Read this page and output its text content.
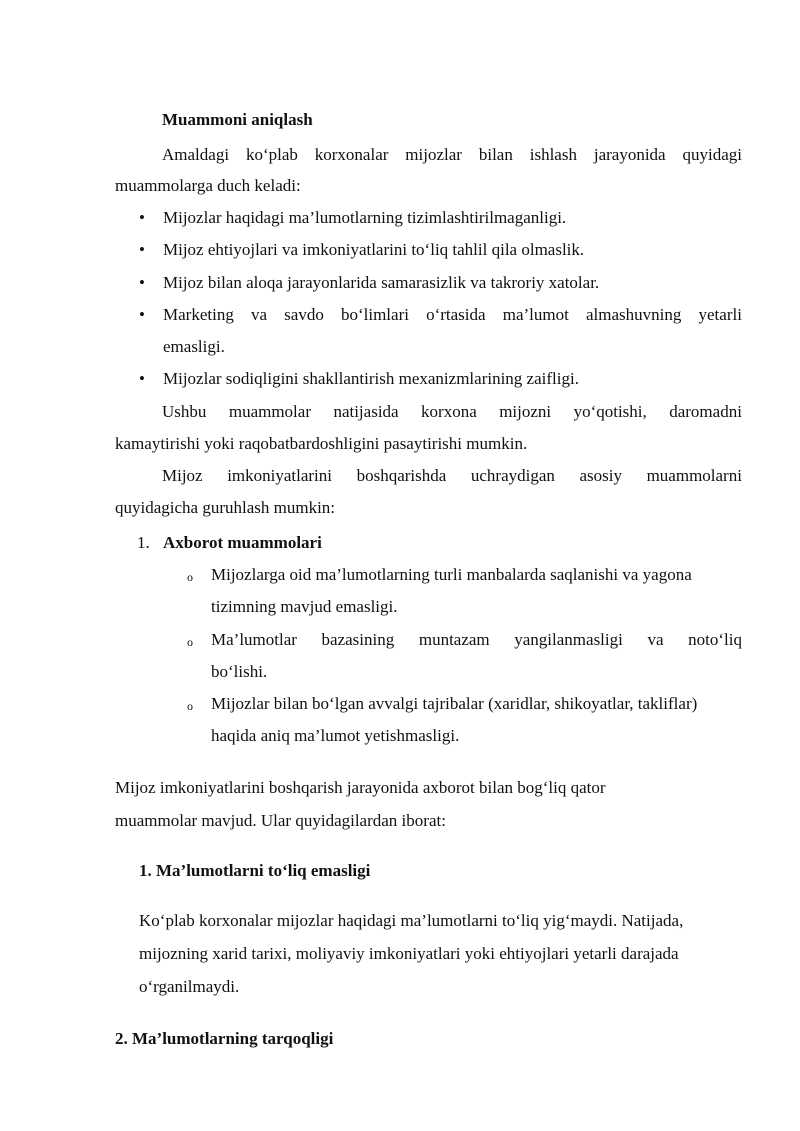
Muammoni aniqlash
Amaldagi ko‘plab korxonalar mijozlar bilan ishlash jarayonida quyidagi
muammolarga duch keladi:
• Mijozlar haqidagi ma’lumotlarning tizimlashtirilmaganligi.
• Mijoz ehtiyojlari va imkoniyatlarini to‘liq tahlil qila olmaslik.
• Mijoz bilan aloqa jarayonlarida samarasizlik va takroriy xatolar.
• Marketing va savdo bo‘limlari o‘rtasida ma’lumot almashuvning yetarli
emasligi.
• Mijozlar sodiqligini shakllantirish mexanizmlarining zaifligi.
Ushbu muammolar natijasida korxona mijozni yo‘qotishi, daromadni
kamaytirishi yoki raqobatbardoshligini pasaytirishi mumkin.
Mijoz imkoniyatlarini boshqarishda uchraydigan asosiy muammolarni
quyidagicha guruhlash mumkin:
1. Axborot muammolari
o Mijozlarga oid ma’lumotlarning turli manbalarda saqlanishi va yagona
tizimning mavjud emasligi.
o Ma’lumotlar bazasining muntazam yangilanmasligi va noto‘liq
bo‘lishi.
o Mijozlar bilan bo‘lgan avvalgi tajribalar (xaridlar, shikoyatlar, takliflar)
haqida aniq ma’lumot yetishmasligi.
Mijoz imkoniyatlarini boshqarish jarayonida axborot bilan bog‘liq qator
muammolar mavjud. Ular quyidagilardan iborat:
1. Ma’lumotlarni to‘liq emasligi
Ko‘plab korxonalar mijozlar haqidagi ma’lumotlarni to‘liq yig‘maydi. Natijada,
mijozning xarid tarixi, moliyaviy imkoniyatlari yoki ehtiyojlari yetarli darajada
o‘rganilmaydi.
2. Ma’lumotlarning tarqoqligi
